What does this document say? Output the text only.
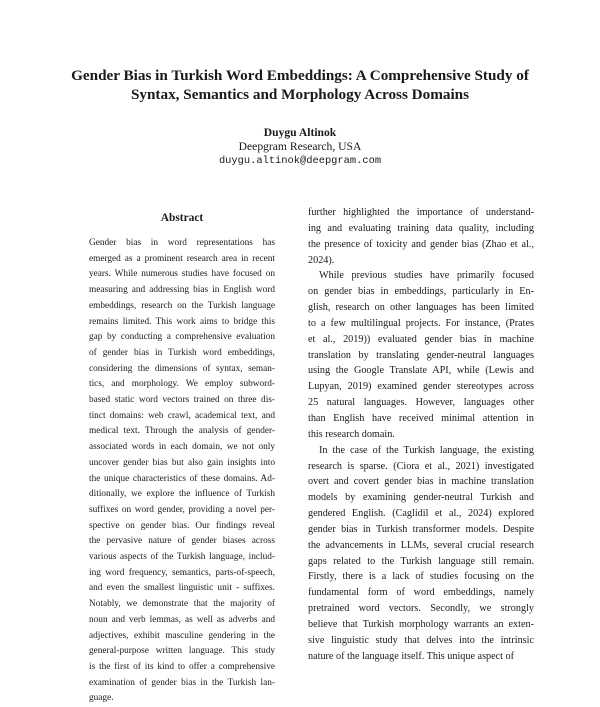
Gender Bias in Turkish Word Embeddings: A Comprehensive Study of
Syntax, Semantics and Morphology Across Domains
Duygu Altinok
Deepgram Research, USA
duygu.altinok@deepgram.com
Abstract
Gender bias in word representations has
emerged as a prominent research area in recent
years. While numerous studies have focused on
measuring and addressing bias in English word
embeddings, research on the Turkish language
remains limited. This work aims to bridge this
gap by conducting a comprehensive evaluation
of gender bias in Turkish word embeddings,
considering the dimensions of syntax, seman-
tics, and morphology. We employ subword-
based static word vectors trained on three dis-
tinct domains: web crawl, academical text, and
medical text. Through the analysis of gender-
associated words in each domain, we not only
uncover gender bias but also gain insights into
the unique characteristics of these domains. Ad-
ditionally, we explore the influence of Turkish
suffixes on word gender, providing a novel per-
spective on gender bias. Our findings reveal
the pervasive nature of gender biases across
various aspects of the Turkish language, includ-
ing word frequency, semantics, parts-of-speech,
and even the smallest linguistic unit - suffixes.
Notably, we demonstrate that the majority of
noun and verb lemmas, as well as adverbs and
adjectives, exhibit masculine gendering in the
general-purpose written language. This study
is the first of its kind to offer a comprehensive
examination of gender bias in the Turkish lan-
guage.

further highlighted the importance of understand-
ing and evaluating training data quality, including
the presence of toxicity and gender bias (Zhao et al.,
2024).

While previous studies have primarily focused
on gender bias in embeddings, particularly in En-
glish, research on other languages has been limited
to a few multilingual projects. For instance, (Prates
et al., 2019)) evaluated gender bias in machine
translation by translating gender-neutral languages
using the Google Translate API, while (Lewis and
Lupyan, 2019) examined gender stereotypes across
25 natural languages. However, languages other
than English have received minimal attention in
this research domain.

In the case of the Turkish language, the existing
research is sparse. (Ciora et al., 2021) investigated
overt and covert gender bias in machine translation
models by examining gender-neutral Turkish and
gendered English. (Caglidil et al., 2024) explored
gender bias in Turkish transformer models. Despite
the advancements in LLMs, several crucial research
gaps related to the Turkish language still remain.
Firstly, there is a lack of studies focusing on the
fundamental form of word embeddings, namely
pretrained word vectors. Secondly, we strongly
believe that Turkish morphology warrants an exten-
sive linguistic study that delves into the intrinsic
nature of the language itself. This unique aspect of
